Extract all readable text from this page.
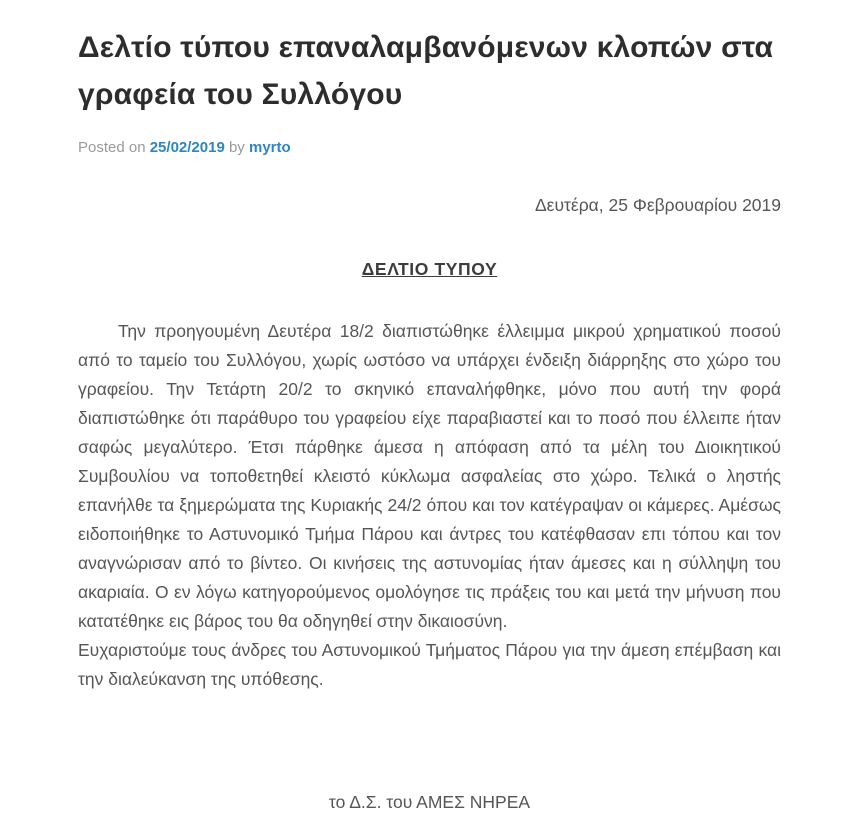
Δελτίο τύπου επαναλαμβανόμενων κλοπών στα γραφεία του Συλλόγου
Posted on 25/02/2019 by myrto
Δευτέρα, 25 Φεβρουαρίου 2019
ΔΕΛΤΙΟ ΤΥΠΟΥ

Την προηγουμένη Δευτέρα 18/2 διαπιστώθηκε έλλειμμα μικρού χρηματικού ποσού από το ταμείο του Συλλόγου, χωρίς ωστόσο να υπάρχει ένδειξη διάρρηξης στο χώρο του γραφείου. Την Τετάρτη 20/2 το σκηνικό επαναλήφθηκε, μόνο που αυτή την φορά διαπιστώθηκε ότι παράθυρο του γραφείου είχε παραβιαστεί και το ποσό που έλλειπε ήταν σαφώς μεγαλύτερο. Έτσι πάρθηκε άμεσα η απόφαση από τα μέλη του Διοικητικού Συμβουλίου να τοποθετηθεί κλειστό κύκλωμα ασφαλείας στο χώρο. Τελικά ο ληστής επανήλθε τα ξημερώματα της Κυριακής 24/2 όπου και τον κατέγραψαν οι κάμερες. Αμέσως ειδοποιήθηκε το Αστυνομικό Τμήμα Πάρου και άντρες του κατέφθασαν επι τόπου και τον αναγνώρισαν από το βίντεο. Οι κινήσεις της αστυνομίας ήταν άμεσες και η σύλληψη του ακαριαία. Ο εν λόγω κατηγορούμενος ομολόγησε τις πράξεις του και μετά την μήνυση που κατατέθηκε εις βάρος του θα οδηγηθεί στην δικαιοσύνη.

Ευχαριστούμε τους άνδρες του Αστυνομικού Τμήματος Πάρου για την άμεση επέμβαση και την διαλεύκανση της υπόθεσης.

το Δ.Σ. του ΑΜΕΣ ΝΗΡΕΑ
